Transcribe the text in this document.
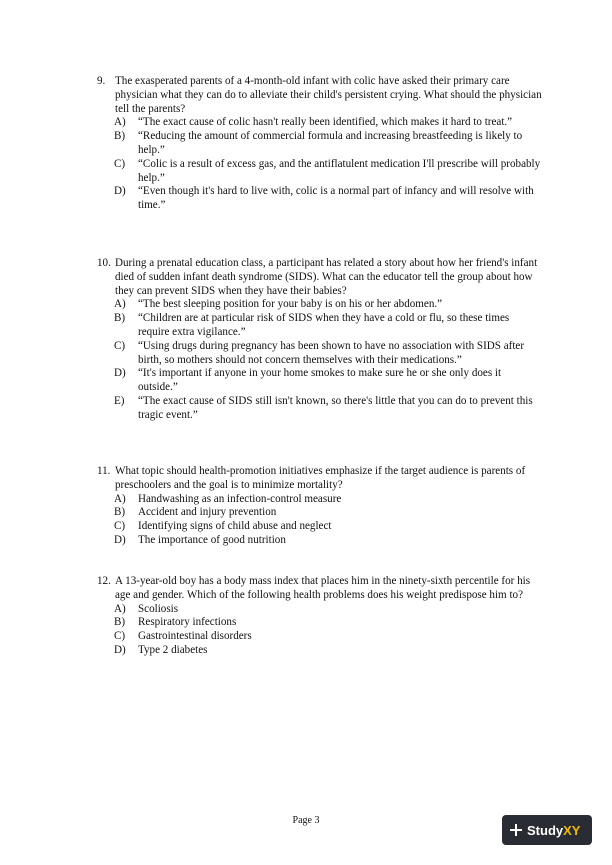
9. The exasperated parents of a 4-month-old infant with colic have asked their primary care physician what they can do to alleviate their child's persistent crying. What should the physician tell the parents?
A) “The exact cause of colic hasn't really been identified, which makes it hard to treat.”
B) “Reducing the amount of commercial formula and increasing breastfeeding is likely to help.”
C) “Colic is a result of excess gas, and the antiflatulent medication I'll prescribe will probably help.”
D) “Even though it's hard to live with, colic is a normal part of infancy and will resolve with time.”
10. During a prenatal education class, a participant has related a story about how her friend's infant died of sudden infant death syndrome (SIDS). What can the educator tell the group about how they can prevent SIDS when they have their babies?
A) “The best sleeping position for your baby is on his or her abdomen.”
B) “Children are at particular risk of SIDS when they have a cold or flu, so these times require extra vigilance.”
C) “Using drugs during pregnancy has been shown to have no association with SIDS after birth, so mothers should not concern themselves with their medications.”
D) “It's important if anyone in your home smokes to make sure he or she only does it outside.”
E) “The exact cause of SIDS still isn't known, so there's little that you can do to prevent this tragic event.”
11. What topic should health-promotion initiatives emphasize if the target audience is parents of preschoolers and the goal is to minimize mortality?
A) Handwashing as an infection-control measure
B) Accident and injury prevention
C) Identifying signs of child abuse and neglect
D) The importance of good nutrition
12. A 13-year-old boy has a body mass index that places him in the ninety-sixth percentile for his age and gender. Which of the following health problems does his weight predispose him to?
A) Scoliosis
B) Respiratory infections
C) Gastrointestinal disorders
D) Type 2 diabetes
Page 3
Study XY
